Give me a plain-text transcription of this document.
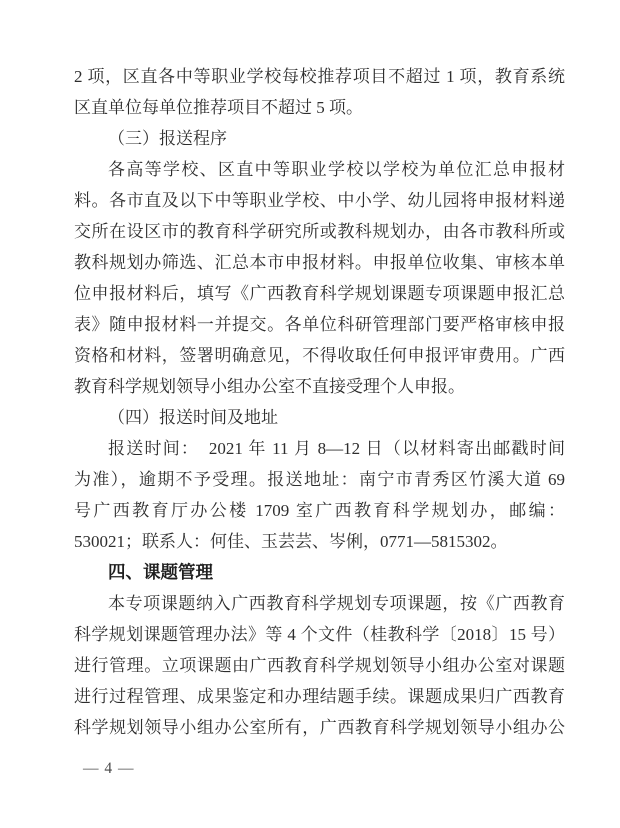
2 项，区直各中等职业学校每校推荐项目不超过 1 项，教育系统
区直单位每单位推荐项目不超过 5 项。
（三）报送程序
各高等学校、区直中等职业学校以学校为单位汇总申报材
料。各市直及以下中等职业学校、中小学、幼儿园将申报材料递
交所在设区市的教育科学研究所或教科规划办，由各市教科所或
教科规划办筛选、汇总本市申报材料。申报单位收集、审核本单
位申报材料后，填写《广西教育科学规划课题专项课题申报汇总
表》随申报材料一并提交。各单位科研管理部门要严格审核申报
资格和材料，签署明确意见，不得收取任何申报评审费用。广西
教育科学规划领导小组办公室不直接受理个人申报。
（四）报送时间及地址
报送时间：　2021 年 11 月 8—12 日（以材料寄出邮戳时间
为准），逾期不予受理。报送地址：南宁市青秀区竹溪大道 69
号广西教育厅办公楼 1709 室广西教育科学规划办，邮编：
530021；联系人：何佳、玉芸芸、岑俐，0771—5815302。
四、课题管理
本专项课题纳入广西教育科学规划专项课题，按《广西教育
科学规划课题管理办法》等 4 个文件（桂教科学〔2018〕15 号）
进行管理。立项课题由广西教育科学规划领导小组办公室对课题
进行过程管理、成果鉴定和办理结题手续。课题成果归广西教育
科学规划领导小组办公室所有，广西教育科学规划领导小组办公
— 4 —
